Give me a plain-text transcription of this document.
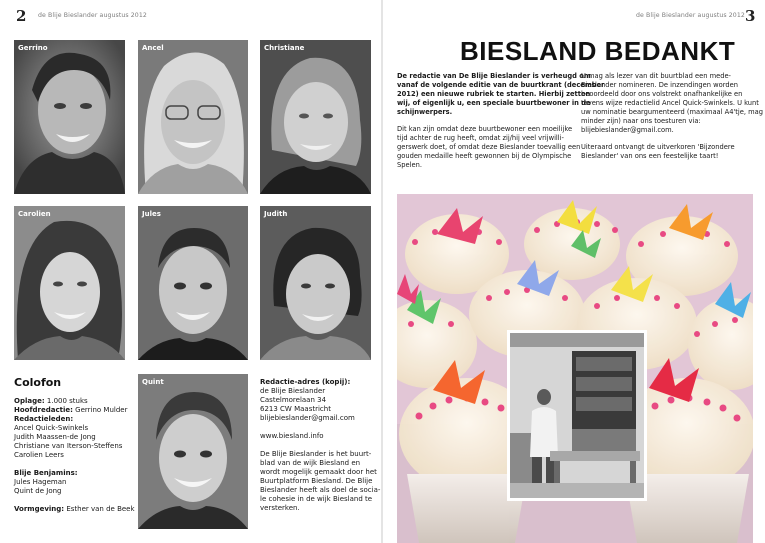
2 de Blije Bieslander augustus 2012
Gerrino	Ancel	Christiane
Carolien	Jules	Judith
Quint
Colofon
Oplage: 1.000 stuks
Hoofdredactie: Gerrino Mulder
Redactieleden:
Ancel Quick-Swinkels
Judith Maassen-de Jong
Christiane van Iterson-Steffens
Carolien Leers
Blije Benjamins:
Jules Hageman
Quint de Jong
Vormgeving: Esther van de Beek
Redactie-adres (kopij):
de Blije Bieslander
Castelmorelaan 34
6213 CW Maastricht
blijebieslander@gmail.com
www.biesland.info
De Blije Bieslander is het buurt-
blad van de wijk Biesland en
wordt mogelijk gemaakt door het
Buurtplatform Biesland. De Blije
Bieslander heeft als doel de socia-
le cohesie in de wijk Biesland te
versterken.
de Blije Bieslander augustus 2012 3
BIESLAND BEDANKT
De redactie van De Blije Bieslander is verheugd om
vanaf de volgende editie van de buurtkrant (december
2012) een nieuwe rubriek te starten. Hierbij zetten
wij, of eigenlijk u, een speciale buurtbewoner in de
schijnwerpers.
Dit kan zijn omdat deze buurtbewoner een moeilijke
tijd achter de rug heeft, omdat zij/hij veel vrijwilli-
gerswerk doet, of omdat deze Bieslander toevallig een
gouden medaille heeft gewonnen bij de Olympische
Spelen.
U mag als lezer van dit buurtblad een mede-
Bieslander nomineren. De inzendingen worden
beoordeeld door ons volstrekt onafhankelijke en
tevens wijze redactielid Ancel Quick-Swinkels. U kunt
uw nominatie beargumenteerd (maximaal A4'tje, mag
minder zijn) naar ons toesturen via:
blijebieslander@gmail.com.
Uiteraard ontvangt de uitverkoren 'Bijzondere
Bieslander' van ons een feestelijke taart!
